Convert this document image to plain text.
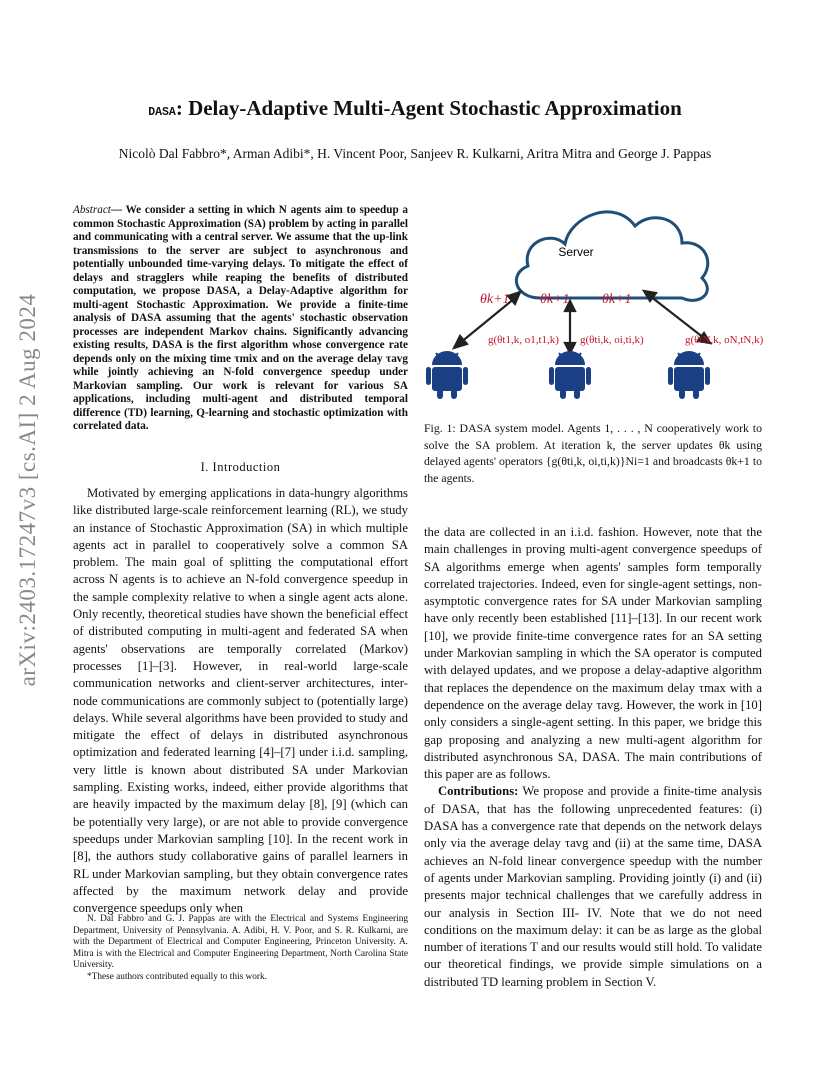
arXiv:2403.17247v3 [cs.AI] 2 Aug 2024
DASA: Delay-Adaptive Multi-Agent Stochastic Approximation
Nicolò Dal Fabbro*, Arman Adibi*, H. Vincent Poor, Sanjeev R. Kulkarni, Aritra Mitra and George J. Pappas
Abstract— We consider a setting in which N agents aim to speedup a common Stochastic Approximation (SA) problem by acting in parallel and communicating with a central server. We assume that the up-link transmissions to the server are subject to asynchronous and potentially unbounded time-varying delays. To mitigate the effect of delays and stragglers while reaping the benefits of distributed computation, we propose DASA, a Delay-Adaptive algorithm for multi-agent Stochastic Approximation. We provide a finite-time analysis of DASA assuming that the agents' stochastic observation processes are independent Markov chains. Significantly advancing existing results, DASA is the first algorithm whose convergence rate depends only on the mixing time τmix and on the average delay τavg while jointly achieving an N-fold convergence speedup under Markovian sampling. Our work is relevant for various SA applications, including multi-agent and distributed temporal difference (TD) learning, Q-learning and stochastic optimization with correlated data.
I. Introduction

Motivated by emerging applications in data-hungry algorithms like distributed large-scale reinforcement learning (RL), we study an instance of Stochastic Approximation (SA) in which multiple agents act in parallel to cooperatively solve a common SA problem. The main goal of splitting the computational effort across N agents is to achieve an N-fold convergence speedup in the sample complexity relative to when a single agent acts alone. Only recently, theoretical studies have shown the beneficial effect of distributed computing in multi-agent and federated SA when agents' observations are temporally correlated (Markov) processes [1]–[3]. However, in real-world large-scale communication networks and client-server architectures, inter-node communications are commonly subject to (potentially large) delays. While several algorithms have been provided to study and mitigate the effect of delays in distributed asynchronous optimization and federated learning [4]–[7] under i.i.d. sampling, very little is known about distributed SA under Markovian sampling. Existing works, indeed, either provide algorithms that are heavily impacted by the maximum delay [8], [9] (which can be potentially very large), or are not able to provide convergence speedups under Markovian sampling [10]. In the recent work in [8], the authors study collaborative gains of parallel learners in RL under Markovian sampling, but they obtain convergence rates affected by the maximum network delay and provide convergence speedups only when

N. Dal Fabbro and G. J. Pappas are with the Electrical and Systems Engineering Department, University of Pennsylvania. A. Adibi, H. V. Poor, and S. R. Kulkarni, are with the Department of Electrical and Computer Engineering, Princeton University. A. Mitra is with the Electrical and Computer Engineering Department, North Carolina State University.

*These authors contributed equally to this work.

Server
θk+1 θk+1 θk+1
g(θt1,k, o1,t1,k) g(θti,k, oi,ti,k)	g(θtN,k, oN,tN,k)
Fig. 1: DASA system model. Agents 1, . . . , N cooperatively work to solve the SA problem. At iteration k, the server updates θk using delayed agents' operators {g(θti,k, oi,ti,k)}Ni=1 and broadcasts θk+1 to the agents.

the data are collected in an i.i.d. fashion. However, note that the main challenges in proving multi-agent convergence speedups of SA algorithms emerge when agents' samples form temporally correlated trajectories. Indeed, even for single-agent settings, non-asymptotic convergence rates for SA under Markovian sampling have only recently been established [11]–[13]. In our recent work [10], we provide finite-time convergence rates for an SA setting under Markovian sampling in which the SA operator is computed with delayed updates, and we propose a delay-adaptive algorithm that replaces the dependence on the maximum delay τmax with a dependence on the average delay τavg. However, the work in [10] only considers a single-agent setting. In this paper, we bridge this gap proposing and analyzing a new multi-agent algorithm for distributed asynchronous SA, DASA. The main contributions of this paper are as follows.

Contributions: We propose and provide a finite-time analysis of DASA, that has the following unprecedented features: (i) DASA has a convergence rate that depends on the network delays only via the average delay τavg and (ii) at the same time, DASA achieves an N-fold linear convergence speedup with the number of agents under Markovian sampling. Providing jointly (i) and (ii) presents major technical challenges that we carefully address in our analysis in Section III- IV. Note that we do not need conditions on the maximum delay: it can be as large as the global number of iterations T and our results would still hold. To validate our theoretical findings, we provide simple simulations on a distributed TD learning problem in Section V.
